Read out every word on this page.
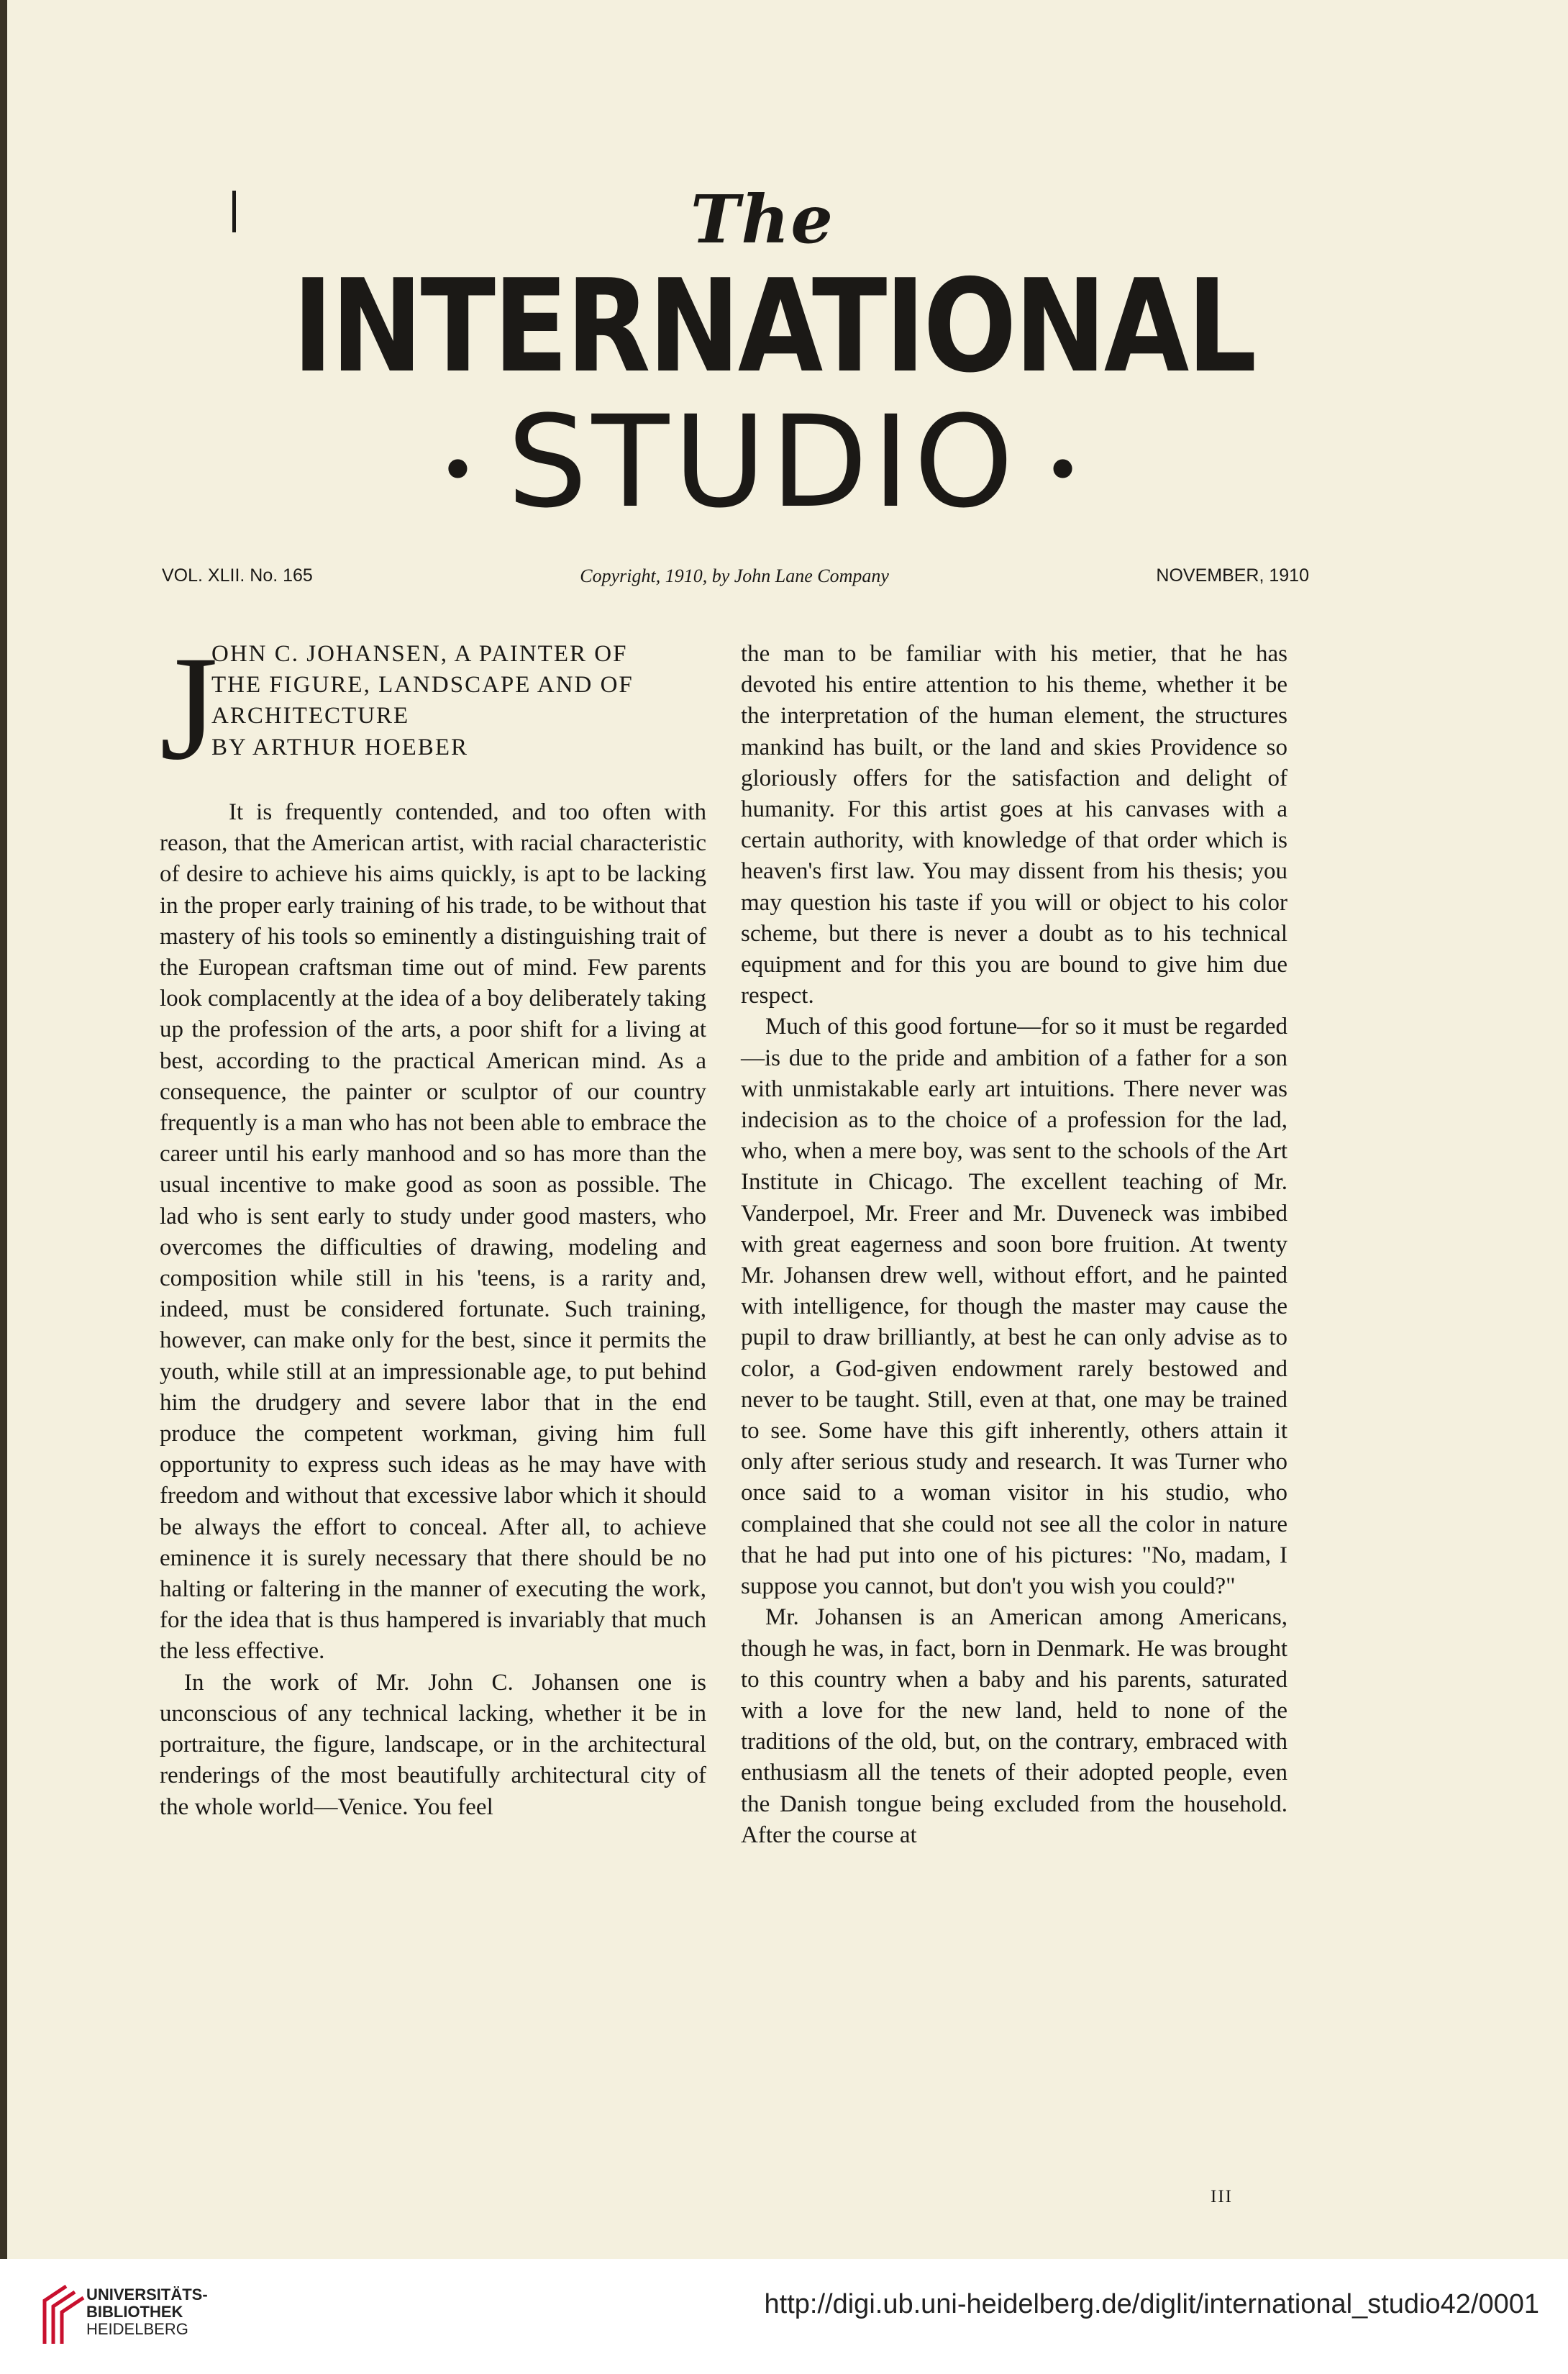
The
INTERNATIONAL
• STUDIO •
VOL. XLII. No. 165	Copyright, 1910, by John Lane Company	NOVEMBER, 1910
J
OHN C. JOHANSEN, A PAINTER OF
THE FIGURE, LANDSCAPE AND OF
ARCHITECTURE
BY ARTHUR HOEBER

It is frequently contended, and too often with reason, that the American artist, with racial characteristic of desire to achieve his aims quickly, is apt to be lacking in the proper early training of his trade, to be without that mastery of his tools so eminently a distinguishing trait of the European craftsman time out of mind. Few parents look complacently at the idea of a boy deliberately taking up the profession of the arts, a poor shift for a living at best, according to the practical American mind. As a consequence, the painter or sculptor of our country frequently is a man who has not been able to embrace the career until his early manhood and so has more than the usual incentive to make good as soon as possible. The lad who is sent early to study under good masters, who overcomes the difficulties of drawing, modeling and composition while still in his 'teens, is a rarity and, indeed, must be considered fortunate. Such training, however, can make only for the best, since it permits the youth, while still at an impressionable age, to put behind him the drudgery and severe labor that in the end produce the competent workman, giving him full opportunity to express such ideas as he may have with freedom and without that excessive labor which it should be always the effort to conceal. After all, to achieve eminence it is surely necessary that there should be no halting or faltering in the manner of executing the work, for the idea that is thus hampered is invariably that much the less effective.

In the work of Mr. John C. Johansen one is unconscious of any technical lacking, whether it be in portraiture, the figure, landscape, or in the architectural renderings of the most beautifully architectural city of the whole world—Venice. You feel

the man to be familiar with his metier, that he has devoted his entire attention to his theme, whether it be the interpretation of the human element, the structures mankind has built, or the land and skies Providence so gloriously offers for the satisfaction and delight of humanity. For this artist goes at his canvases with a certain authority, with knowledge of that order which is heaven's first law. You may dissent from his thesis; you may question his taste if you will or object to his color scheme, but there is never a doubt as to his technical equipment and for this you are bound to give him due respect.

Much of this good fortune—for so it must be regarded—is due to the pride and ambition of a father for a son with unmistakable early art intuitions. There never was indecision as to the choice of a profession for the lad, who, when a mere boy, was sent to the schools of the Art Institute in Chicago. The excellent teaching of Mr. Vanderpoel, Mr. Freer and Mr. Duveneck was imbibed with great eagerness and soon bore fruition. At twenty Mr. Johansen drew well, without effort, and he painted with intelligence, for though the master may cause the pupil to draw brilliantly, at best he can only advise as to color, a God-given endowment rarely bestowed and never to be taught. Still, even at that, one may be trained to see. Some have this gift inherently, others attain it only after serious study and research. It was Turner who once said to a woman visitor in his studio, who complained that she could not see all the color in nature that he had put into one of his pictures: "No, madam, I suppose you cannot, but don't you wish you could?"

Mr. Johansen is an American among Americans, though he was, in fact, born in Denmark. He was brought to this country when a baby and his parents, saturated with a love for the new land, held to none of the traditions of the old, but, on the contrary, embraced with enthusiasm all the tenets of their adopted people, even the Danish tongue being excluded from the household. After the course at

III
UNIVERSITÄTS-
BIBLIOTHEK
HEIDELBERG
http://digi.ub.uni-heidelberg.de/diglit/international_studio42/0001
